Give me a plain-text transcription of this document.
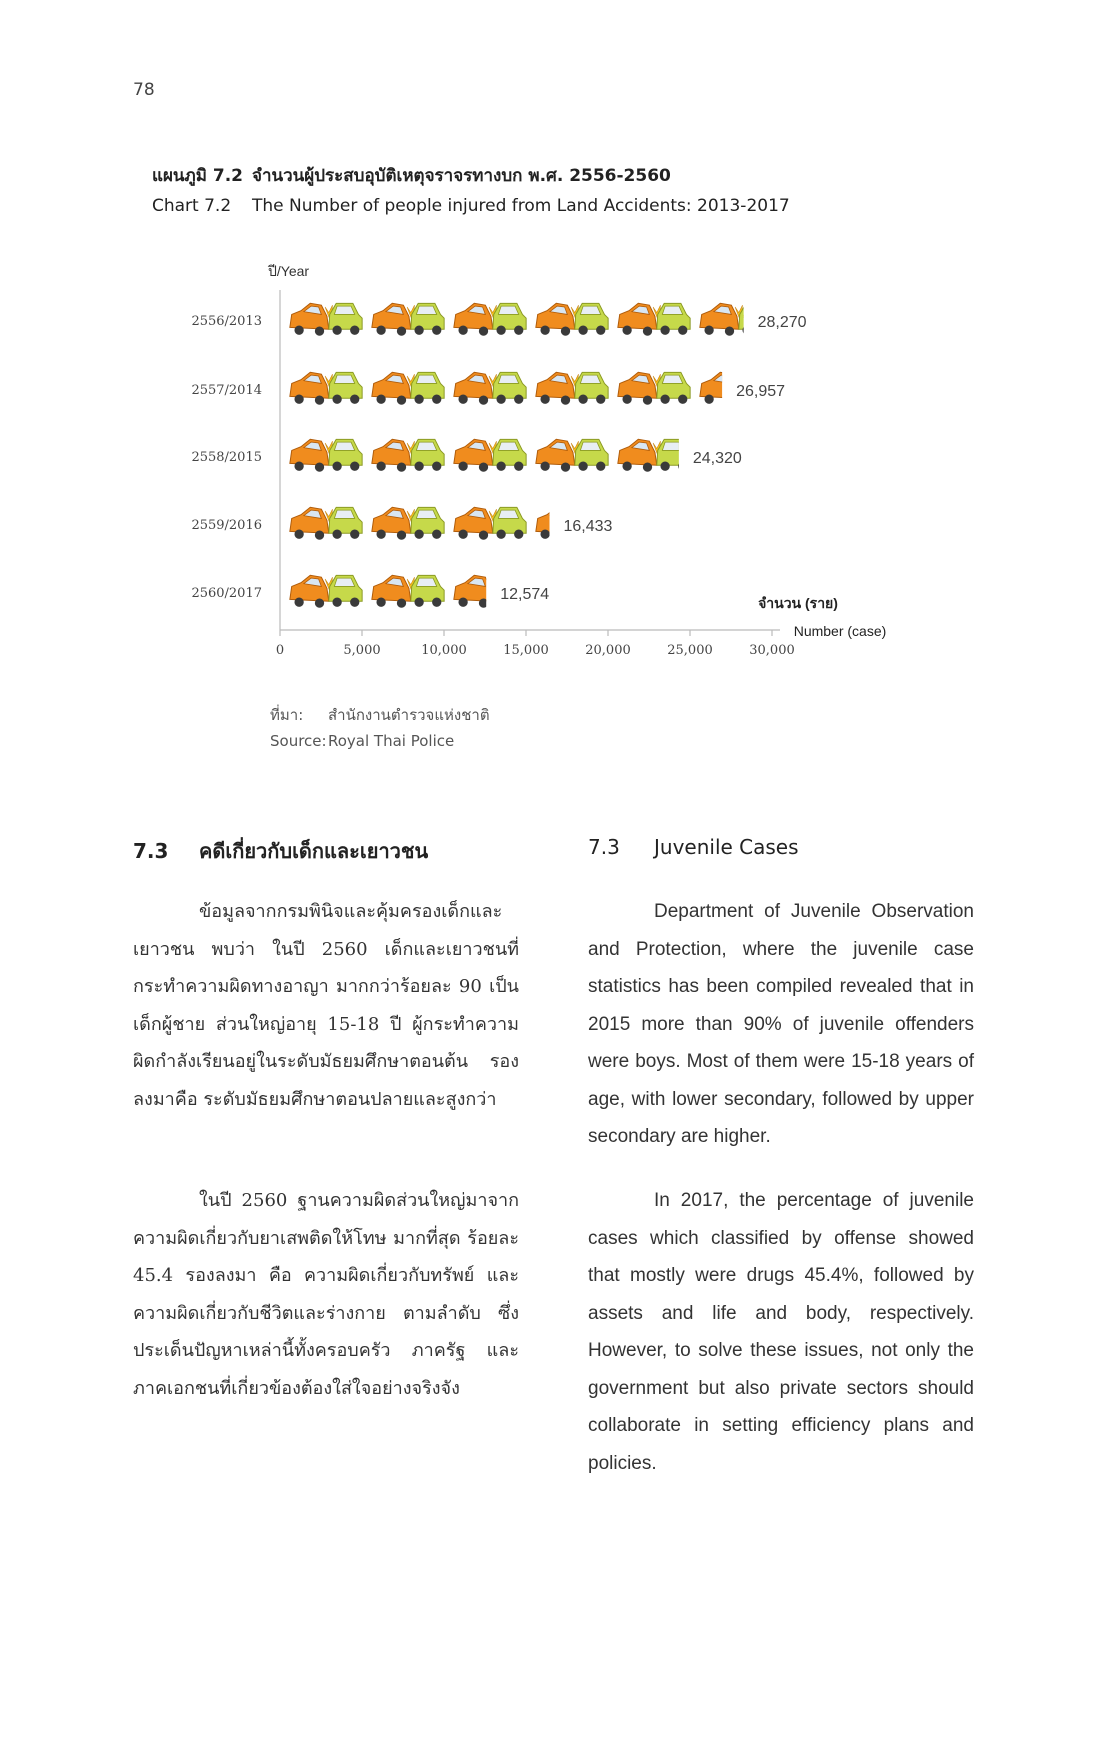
78
แผนภูมิ 7.2 จำนวนผู้ประสบอุบัติเหตุจราจรทางบก พ.ศ. 2556-2560
Chart 7.2 The Number of people injured from Land Accidents: 2013-2017
ปี/Year
2556/2013
2557/2014
2558/2015
2559/2016
2560/2017
28,270
26,957
24,320
16,433
12,574
0	5,000	10,000	15,000	20,000	25,000	30,000
จำนวน (ราย)
Number (case)
ที่มา: สำนักงานตำรวจแห่งชาติ
Source:Royal Thai Police
7.3 คดีเกี่ยวกับเด็กและเยาวชน	7.3 Juvenile Cases

ข้อมูลจากกรมพินิจและคุ้มครองเด็กและเยาวชน พบว่า ในปี 2560 เด็กและเยาวชนที่กระทำความผิดทางอาญา มากกว่าร้อยละ 90 เป็นเด็กผู้ชาย ส่วนใหญ่อายุ 15-18 ปี ผู้กระทำความผิดกำลังเรียนอยู่ในระดับมัธยมศึกษาตอนต้น รองลงมาคือ ระดับมัธยมศึกษาตอนปลายและสูงกว่า

ในปี 2560 ฐานความผิดส่วนใหญ่มาจากความผิดเกี่ยวกับยาเสพติดให้โทษ มากที่สุด ร้อยละ 45.4 รองลงมา คือ ความผิดเกี่ยวกับทรัพย์ และ ความผิดเกี่ยวกับชีวิตและร่างกาย ตามลำดับ ซึ่งประเด็นปัญหาเหล่านี้ทั้งครอบครัว ภาครัฐ และภาคเอกชนที่เกี่ยวข้องต้องใส่ใจอย่างจริงจัง

Department of Juvenile Observation and Protection, where the juvenile case statistics has been compiled revealed that in 2015 more than 90% of juvenile offenders were boys. Most of them were 15-18 years of age, with lower secondary, followed by upper secondary are higher.

In 2017, the percentage of juvenile cases which classified by offense showed that mostly were drugs 45.4%, followed by assets and life and body, respectively. However, to solve these issues, not only the government but also private sectors should collaborate in setting efficiency plans and policies.
